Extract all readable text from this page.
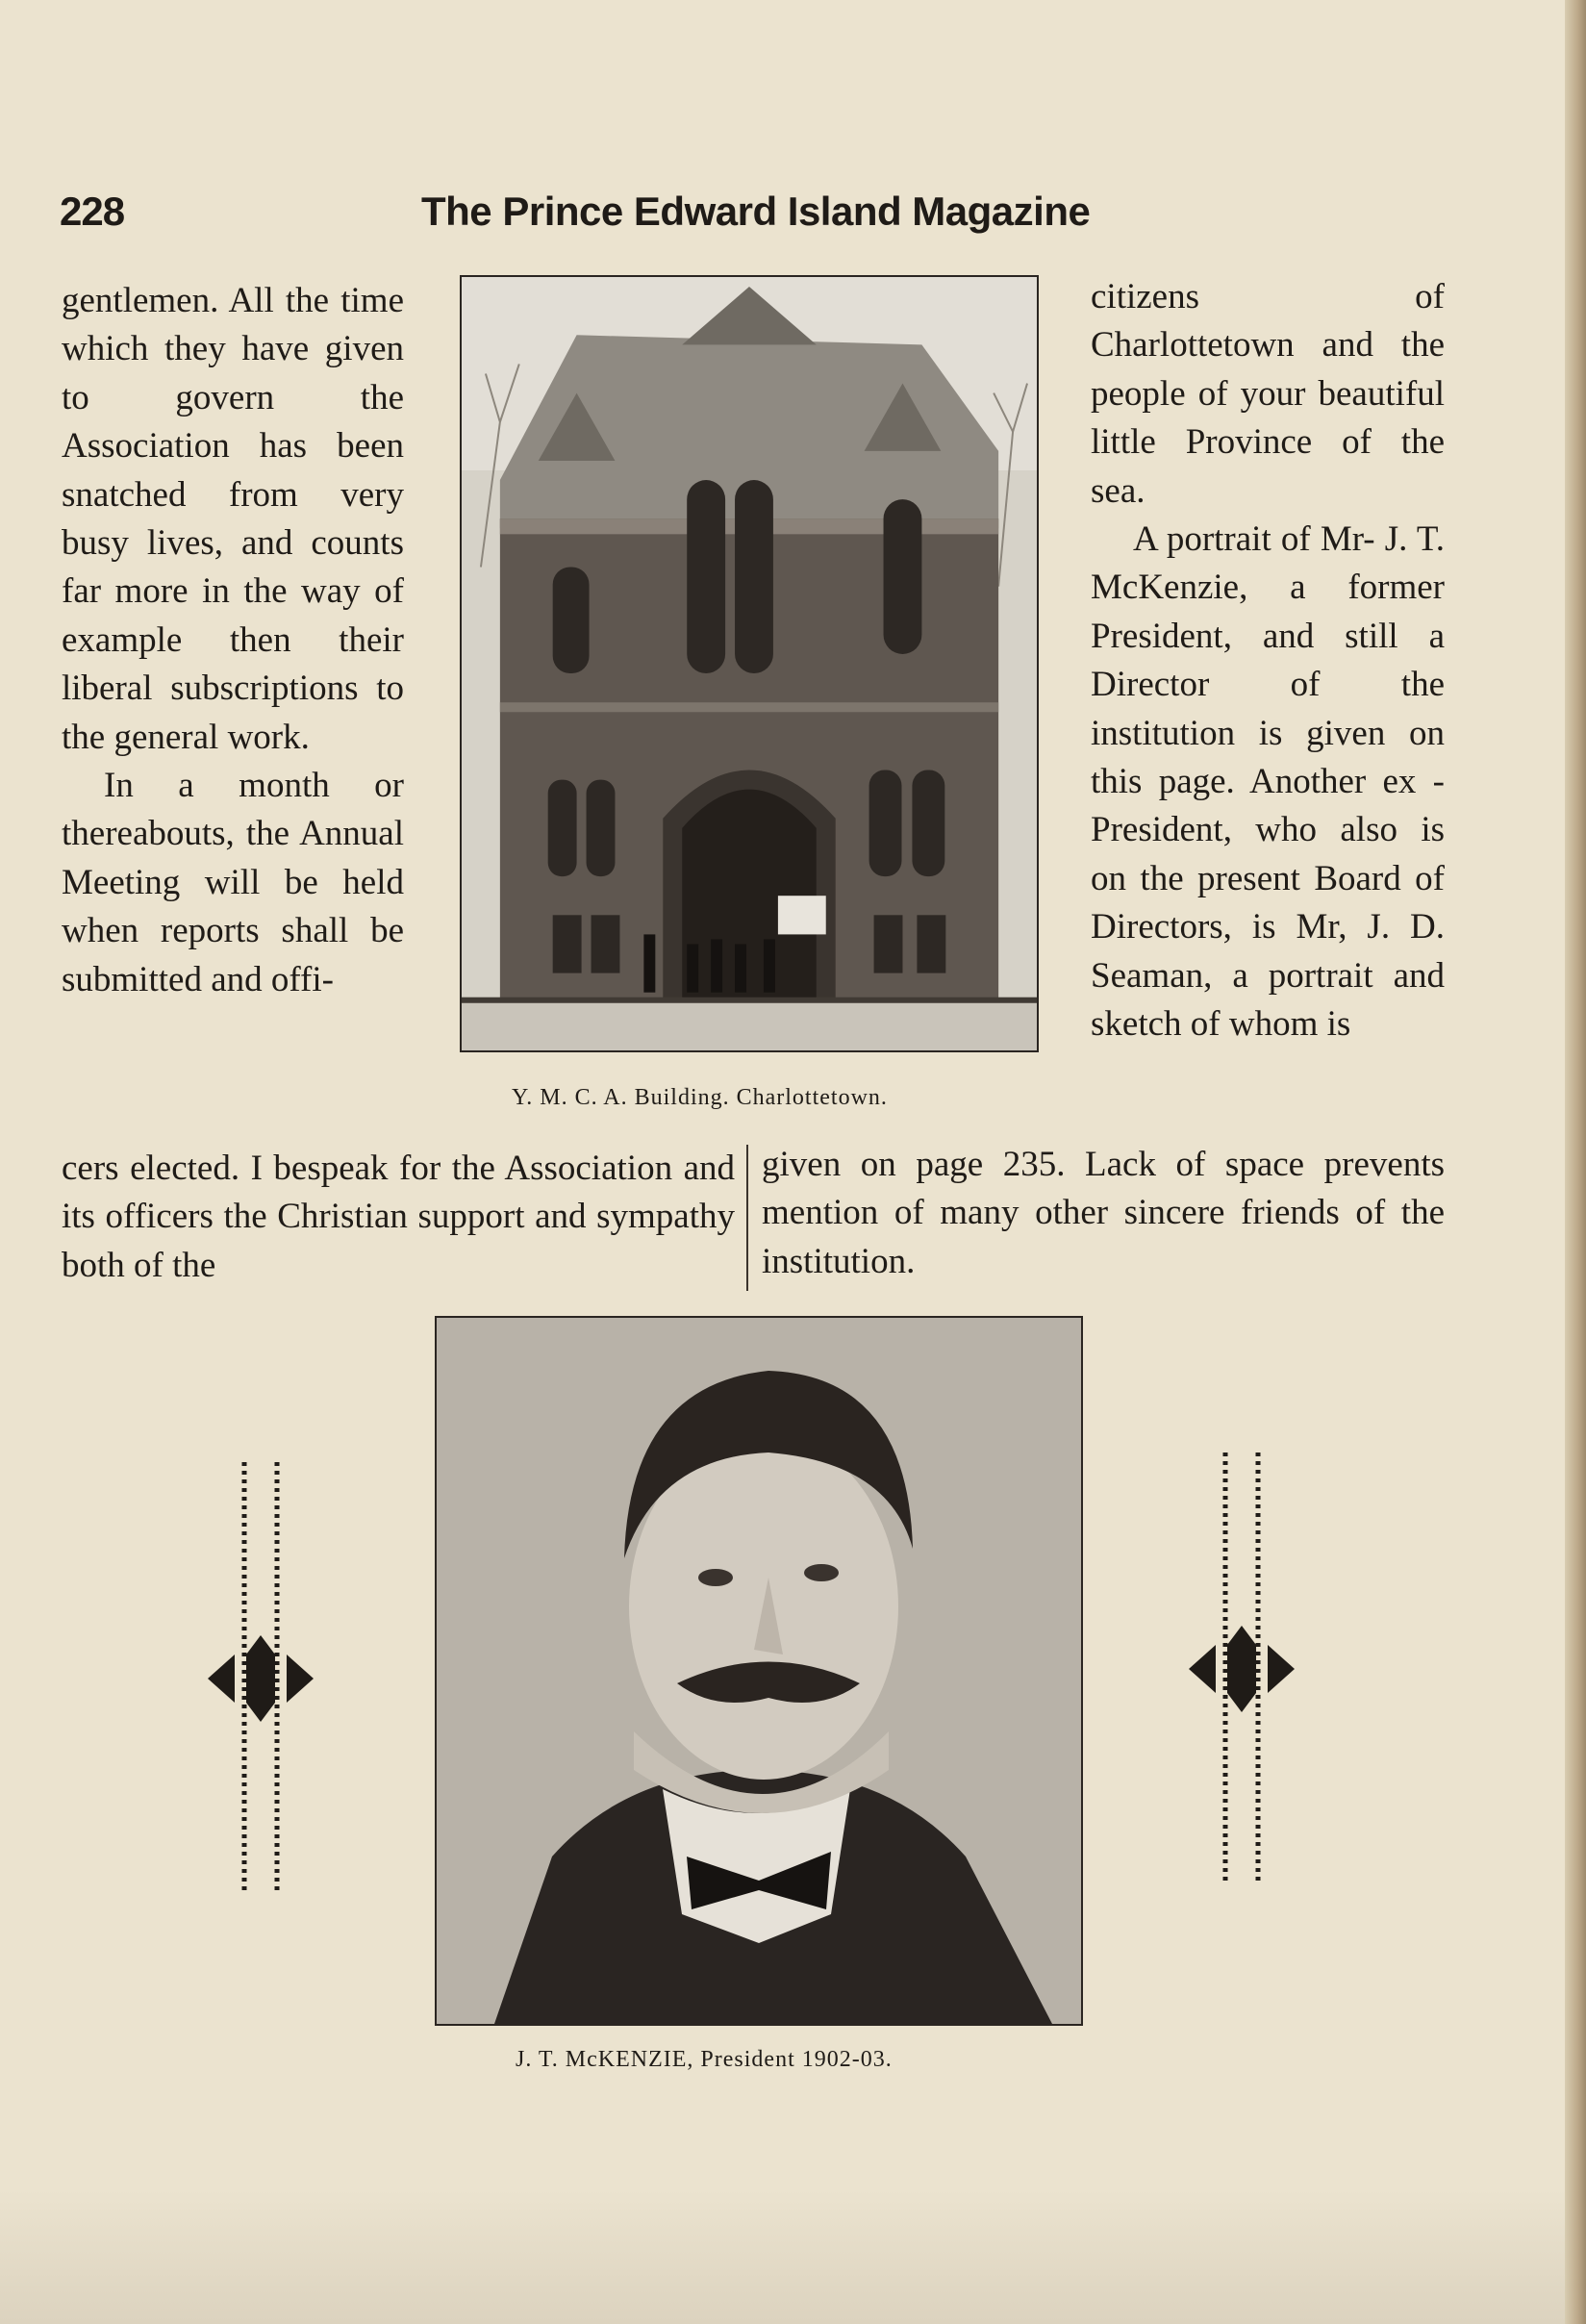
228	The Prince Edward Island Magazine

gentlemen. All the time which they have given to govern the Association has been snatched from very busy lives, and counts far more in the way of example then their liberal subscriptions to the general work.

In a month or thereabouts, the Annual Meeting will be held when reports shall be submitted and offi-

Y. M. C. A. Building. Charlottetown.

citizens of Charlottetown and the people of your beautiful little Province of the sea.

A portrait of Mr- J. T. McKenzie, a former President, and still a Director of the institution is given on this page. Another ex - President, who also is on the present Board of Directors, is Mr, J. D. Seaman, a portrait and sketch of whom is

cers elected. I bespeak for the Association and its officers the Christian support and sympathy both of the
given on page 235. Lack of space prevents mention of many other sincere friends of the institution.
J. T. McKENZIE, President 1902-03.
